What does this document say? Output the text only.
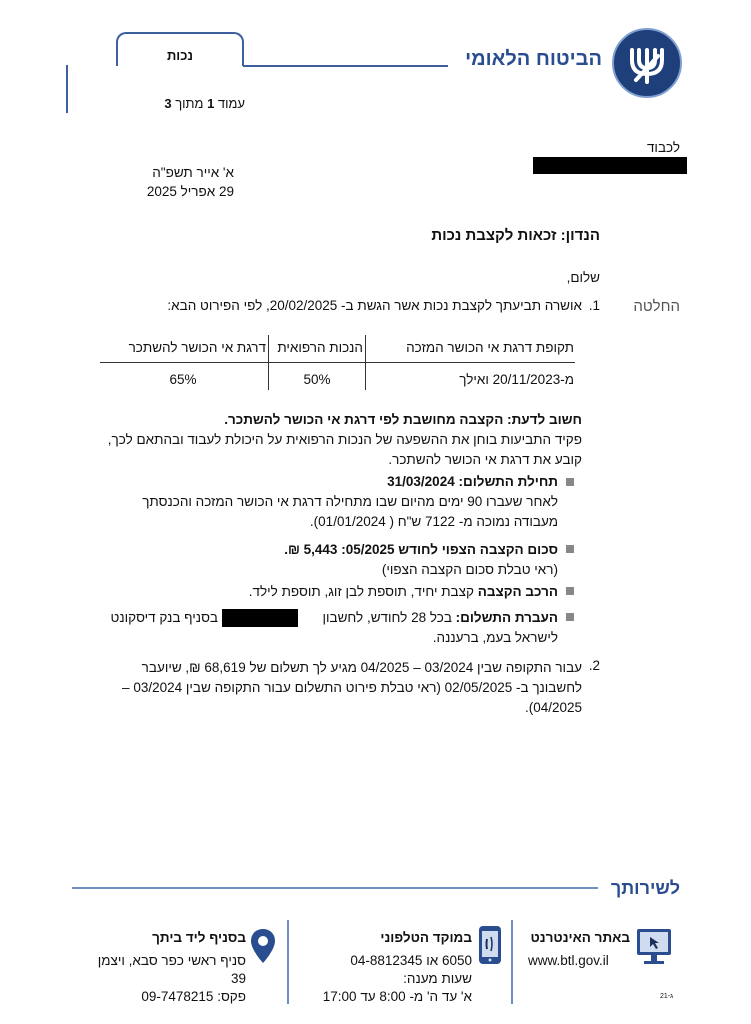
הביטוח הלאומי
נכות
עמוד 1 מתוך 3
לכבוד
א' אייר תשפ"ה
29 אפריל 2025
הנדון: זכאות לקצבת נכות
שלום,
החלטה
1.
אושרה תביעתך לקצבת נכות אשר הגשת ב- 20/02/2025, לפי הפירוט הבא:
תקופת דרגת אי הכושר המזכה
הנכות הרפואית
דרגת אי הכושר להשתכר
מ-20/11/2023 ואילך
50%
65%
חשוב לדעת: הקצבה מחושבת לפי דרגת אי הכושר להשתכר.
פקיד התביעות בוחן את ההשפעה של הנכות הרפואית על היכולת לעבוד ובהתאם לכך,
קובע את דרגת אי הכושר להשתכר.
תחילת התשלום: 31/03/2024
לאחר שעברו 90 ימים מהיום שבו מתחילה דרגת אי הכושר המזכה והכנסתך
מעבודה נמוכה מ- 7122 ש"ח ( 01/01/2024).
סכום הקצבה הצפוי לחודש 05/2025: 5,443 ₪.
(ראי טבלת סכום הקצבה הצפוי)
הרכב הקצבה קצבת יחיד, תוספת לבן זוג, תוספת לילד.
העברת התשלום: בכל 28 לחודש, לחשבון
בסניף בנק דיסקונט
לישראל בעמ, ברעננה.
2.
עבור התקופה שבין 03/2024 – 04/2025 מגיע לך תשלום של 68,619 ₪, שיועבר
לחשבונך ב- 02/05/2025 (ראי טבלת פירוט התשלום עבור התקופה שבין 03/2024 –
04/2025).
לשירותך
באתר האינטרנט
www.btl.gov.il
21-ג
במוקד הטלפוני
6050 או 04-8812345
שעות מענה:
א' עד ה' מ- 8:00 עד 17:00
בסניף ליד ביתך
סניף ראשי כפר סבא, ויצמן
39
פקס: 09-7478215
